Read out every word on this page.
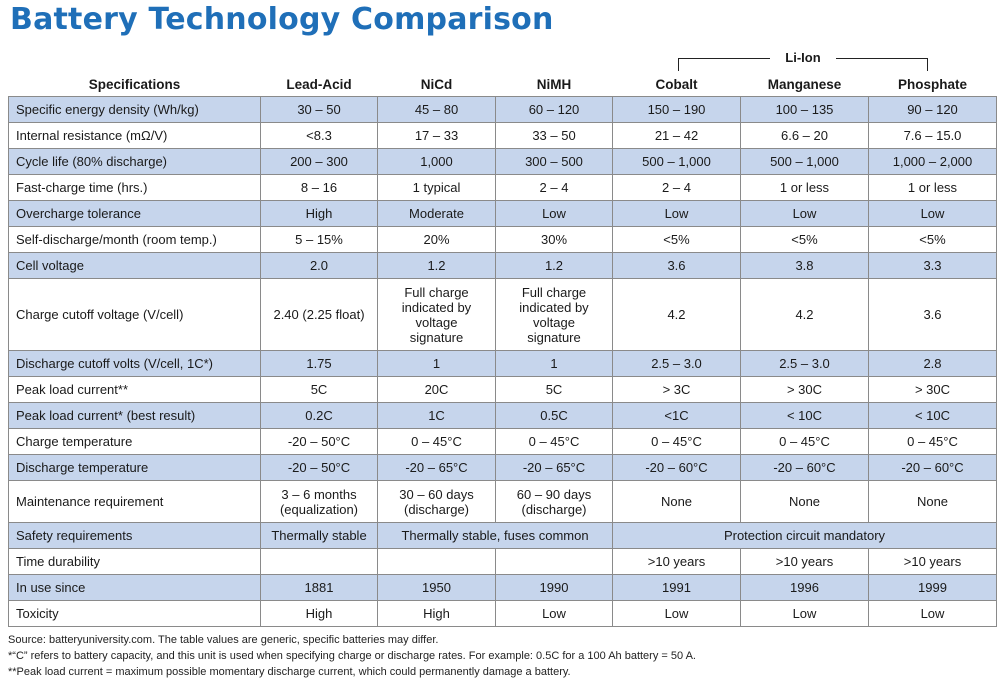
Battery Technology Comparison
Li-Ion
Specifications	Lead-Acid	NiCd	NiMH	Cobalt	Manganese	Phosphate
Specific energy density (Wh/kg)	30 – 50	45 – 80	60 – 120	150 – 190	100 – 135	90 – 120
Internal resistance (mΩ/V)	<8.3	17 – 33	33 – 50	21 – 42	6.6 – 20	7.6 – 15.0
Cycle life (80% discharge)	200 – 300	1,000	300 – 500	500 – 1,000	500 – 1,000	1,000 – 2,000
Fast-charge time (hrs.)	8 – 16	1 typical	2 – 4	2 – 4	1 or less	1 or less
Overcharge tolerance	High	Moderate	Low	Low	Low	Low
Self-discharge/month (room temp.)	5 – 15%	20%	30%	<5%	<5%	<5%
Cell voltage	2.0	1.2	1.2	3.6	3.8	3.3
Charge cutoff voltage (V/cell)	2.40 (2.25 float)	Full charge indicated by voltage signature	Full charge indicated by voltage signature	4.2	4.2	3.6
Discharge cutoff volts (V/cell, 1C*)	1.75	1	1	2.5 – 3.0	2.5 – 3.0	2.8
Peak load current**	5C	20C	5C	> 3C	> 30C	> 30C
Peak load current* (best result)	0.2C	1C	0.5C	<1C	< 10C	< 10C
Charge temperature	-20 – 50°C	0 – 45°C	0 – 45°C	0 – 45°C	0 – 45°C	0 – 45°C
Discharge temperature	-20 – 50°C	-20 – 65°C	-20 – 65°C	-20 – 60°C	-20 – 60°C	-20 – 60°C
Maintenance requirement	3 – 6 months (equalization)	30 – 60 days (discharge)	60 – 90 days (discharge)	None	None	None
Safety requirements	Thermally stable	Thermally stable, fuses common		Protection circuit mandatory		
Time durability				>10 years	>10 years	>10 years
In use since	1881	1950	1990	1991	1996	1999
Toxicity	High	High	Low	Low	Low	Low
Source: batteryuniversity.com. The table values are generic, specific batteries may differ.
*“C” refers to battery capacity, and this unit is used when specifying charge or discharge rates. For example: 0.5C for a 100 Ah battery = 50 A.
**Peak load current = maximum possible momentary discharge current, which could permanently damage a battery.
